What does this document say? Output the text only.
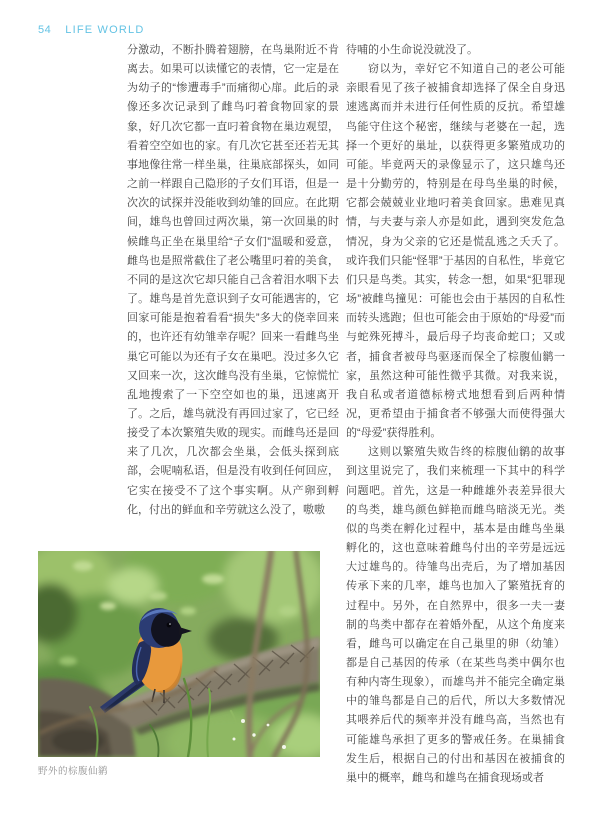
54 LIFE WORLD

分激动，不断扑腾着翅膀，在鸟巢附近不肯离去。如果可以读懂它的表情，它一定是在为幼子的“惨遭毒手”而痛彻心扉。此后的录像还多次记录到了雌鸟叼着食物回家的景象，好几次它都一直叼着食物在巢边观望，看着空空如也的家。有几次它甚至还若无其事地像往常一样坐巢，往巢底部探头，如同之前一样跟自己隐形的子女们耳语，但是一次次的试探并没能收到幼雏的回应。在此期间，雄鸟也曾回过两次巢，第一次回巢的时候雌鸟正坐在巢里给“子女们”温暖和爱意，雌鸟也是照常截住了老公嘴里叼着的美食，不同的是这次它却只能自己含着泪水咽下去了。雄鸟是首先意识到子女可能遇害的，它回家可能是抱着看看“损失”多大的侥幸回来的，也许还有幼雏幸存呢？回来一看雌鸟坐巢它可能以为还有子女在巢吧。没过多久它又回来一次，这次雌鸟没有坐巢，它惊慌忙乱地搜索了一下空空如也的巢，迅速离开了。之后，雄鸟就没有再回过家了，它已经接受了本次繁殖失败的现实。而雌鸟还是回来了几次，几次都会坐巢，会低头探到底部，会呢喃私语，但是没有收到任何回应，它实在接受不了这个事实啊。从产卵到孵化，付出的鲜血和辛劳就这么没了，嗷嗷

待哺的小生命说没就没了。

窃以为，幸好它不知道自己的老公可能亲眼看见了孩子被捕食却选择了保全自身迅速逃离而并未进行任何性质的反抗。希望雄鸟能守住这个秘密，继续与老婆在一起，选择一个更好的巢址，以获得更多繁殖成功的可能。毕竟两天的录像显示了，这只雄鸟还是十分勤劳的，特别是在母鸟坐巢的时候，它都会兢兢业业地叼着美食回家。患难见真情，与夫妻与亲人亦是如此，遇到突发危急情况，身为父亲的它还是慌乱逃之夭夭了。或许我们只能“怪罪”于基因的自私性，毕竟它们只是鸟类。其实，转念一想，如果“犯罪现场”被雌鸟撞见：可能也会由于基因的自私性而转头逃跑；但也可能会由于原始的“母爱”而与蛇殊死搏斗，最后母子均丧命蛇口；又或者，捕食者被母鸟驱逐而保全了棕腹仙鹟一家，虽然这种可能性微乎其微。对我来说，我自私或者道德标榜式地想看到后两种情况，更希望由于捕食者不够强大而使得强大的“母爱”获得胜利。

这则以繁殖失败告终的棕腹仙鹟的故事到这里说完了，我们来梳理一下其中的科学问题吧。首先，这是一种雌雄外表差异很大的鸟类，雄鸟颜色鲜艳而雌鸟暗淡无光。类似的鸟类在孵化过程中，基本是由雌鸟坐巢孵化的，这也意味着雌鸟付出的辛劳是远远大过雄鸟的。待雏鸟出壳后，为了增加基因传承下来的几率，雄鸟也加入了繁殖抚育的过程中。另外，在自然界中，很多一夫一妻制的鸟类中都存在着婚外配，从这个角度来看，雌鸟可以确定在自己巢里的卵（幼雏）都是自己基因的传承（在某些鸟类中偶尔也有种内寄生现象），而雄鸟并不能完全确定巢中的雏鸟都是自己的后代，所以大多数情况其喂养后代的频率并没有雌鸟高，当然也有可能雄鸟承担了更多的警戒任务。在巢捕食发生后，根据自己的付出和基因在被捕食的巢中的概率，雌鸟和雄鸟在捕食现场或者

野外的棕腹仙鹟
